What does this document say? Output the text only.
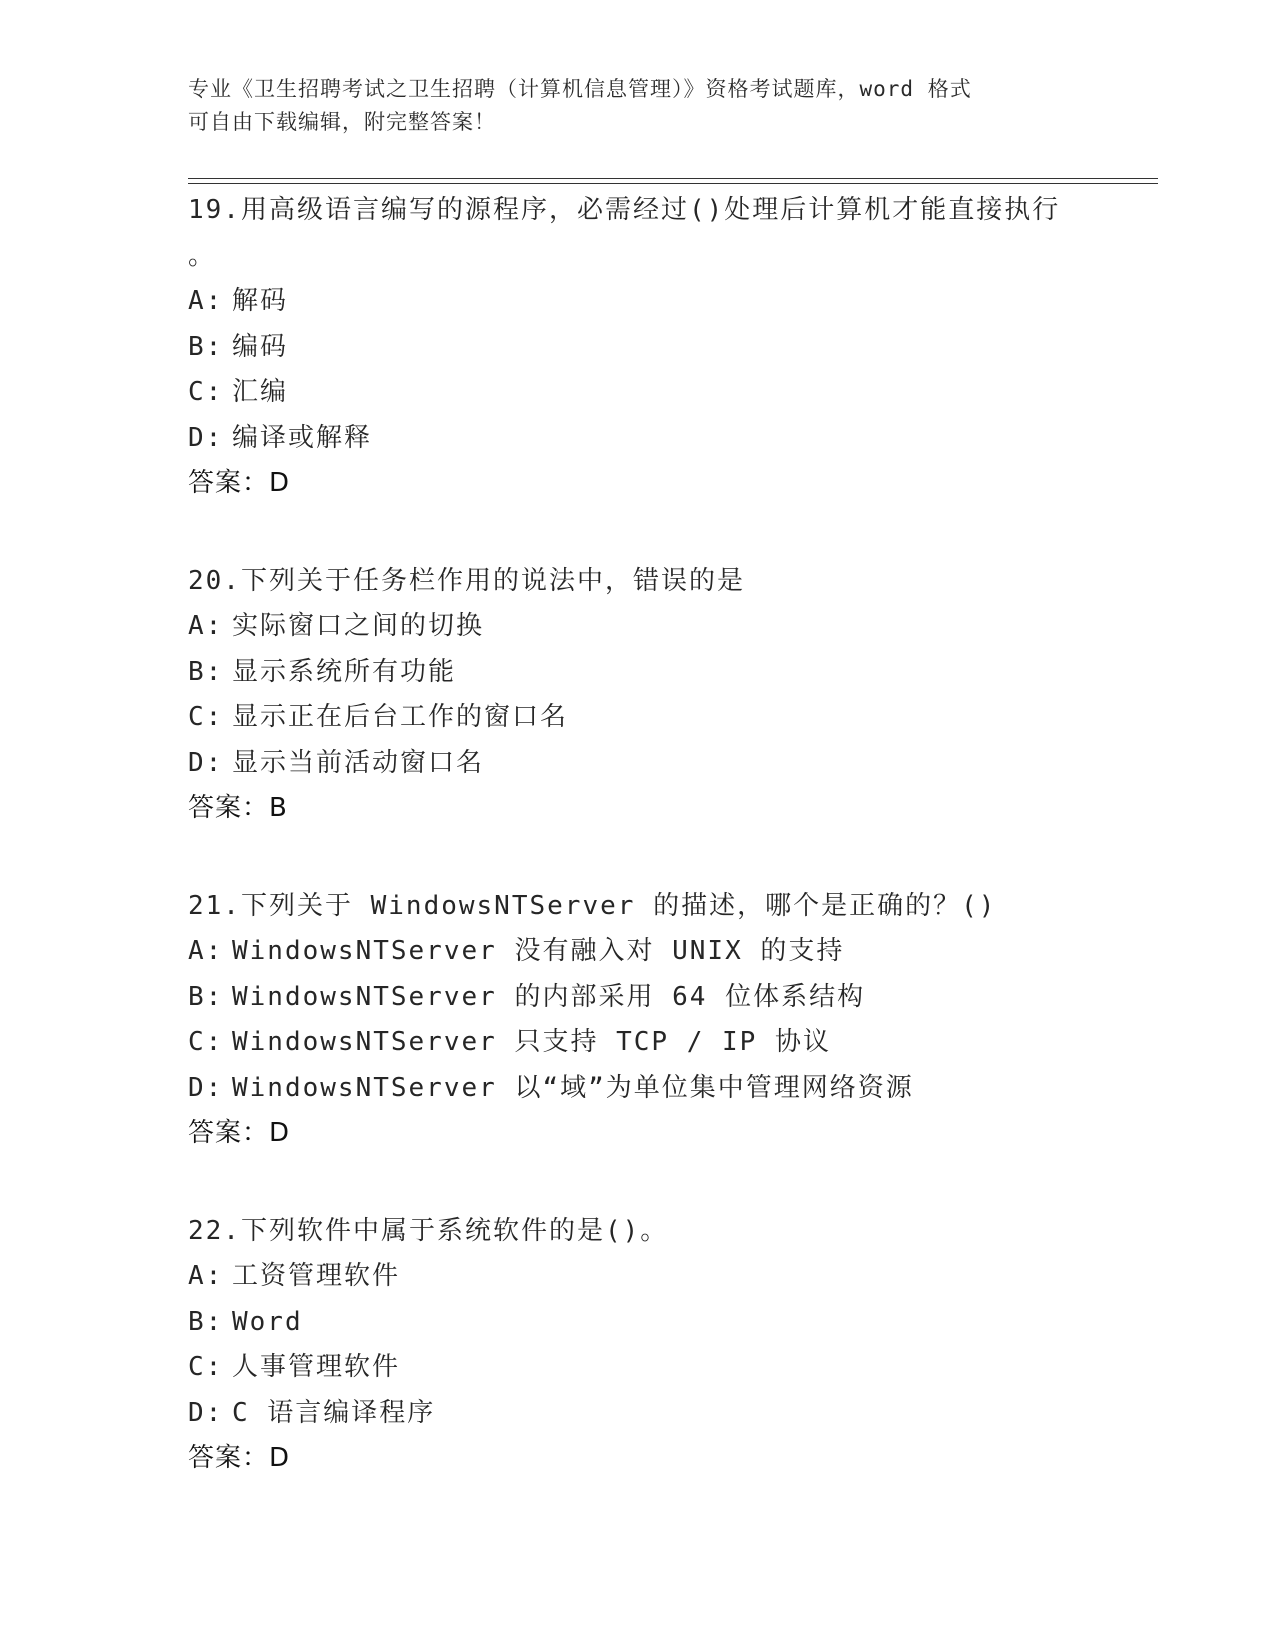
专业《卫生招聘考试之卫生招聘（计算机信息管理）》资格考试题库，word 格式
可自由下载编辑，附完整答案！
19.用高级语言编写的源程序，必需经过()处理后计算机才能直接执行
。
A: 解码
B: 编码
C: 汇编
D: 编译或解释
答案：D
20.下列关于任务栏作用的说法中，错误的是
A: 实际窗口之间的切换
B: 显示系统所有功能
C: 显示正在后台工作的窗口名
D: 显示当前活动窗口名
答案：B
21.下列关于 WindowsNTServer 的描述，哪个是正确的？()
A: WindowsNTServer 没有融入对 UNIX 的支持
B: WindowsNTServer 的内部采用 64 位体系结构
C: WindowsNTServer 只支持 TCP / IP 协议
D: WindowsNTServer 以“域”为单位集中管理网络资源
答案：D
22.下列软件中属于系统软件的是()。
A: 工资管理软件
B: Word
C: 人事管理软件
D: C 语言编译程序
答案：D
